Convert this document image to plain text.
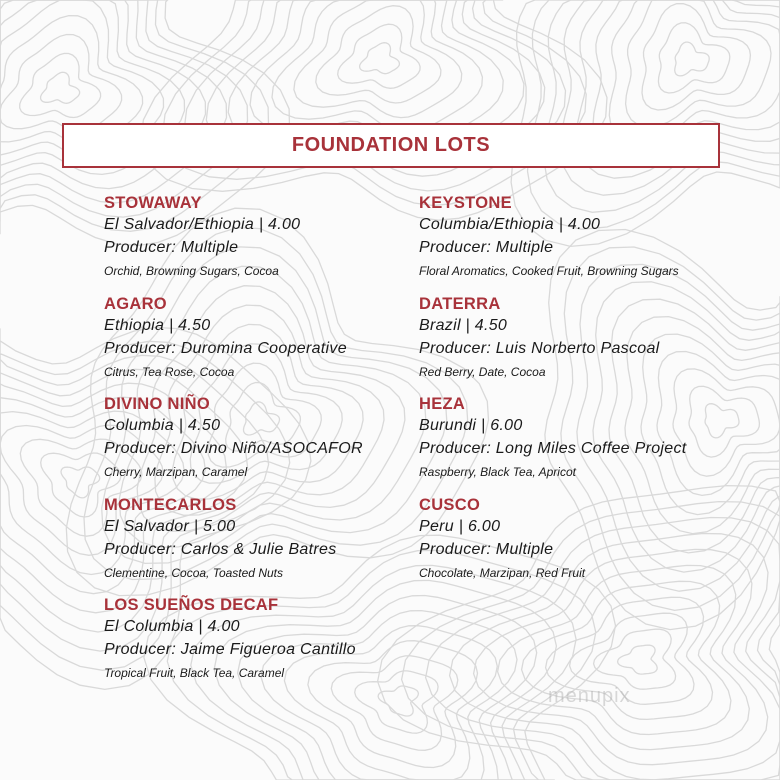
FOUNDATION LOTS
STOWAWAY
El Salvador/Ethiopia | 4.00
Producer: Multiple
Orchid, Browning Sugars, Cocoa
AGARO
Ethiopia | 4.50
Producer: Duromina Cooperative
Citrus, Tea Rose, Cocoa
DIVINO NIÑO
Columbia | 4.50
Producer: Divino Niño/ASOCAFOR
Cherry, Marzipan, Caramel
MONTECARLOS
El Salvador | 5.00
Producer: Carlos & Julie Batres
Clementine, Cocoa, Toasted Nuts
LOS SUEÑOS DECAF
El Columbia | 4.00
Producer: Jaime Figueroa Cantillo
Tropical Fruit, Black Tea, Caramel
KEYSTONE
Columbia/Ethiopia | 4.00
Producer: Multiple
Floral Aromatics, Cooked Fruit, Browning Sugars
DATERRA
Brazil | 4.50
Producer: Luis Norberto Pascoal
Red Berry, Date, Cocoa
HEZA
Burundi | 6.00
Producer: Long Miles Coffee Project
Raspberry, Black Tea, Apricot
CUSCO
Peru | 6.00
Producer: Multiple
Chocolate, Marzipan, Red Fruit
menupix
